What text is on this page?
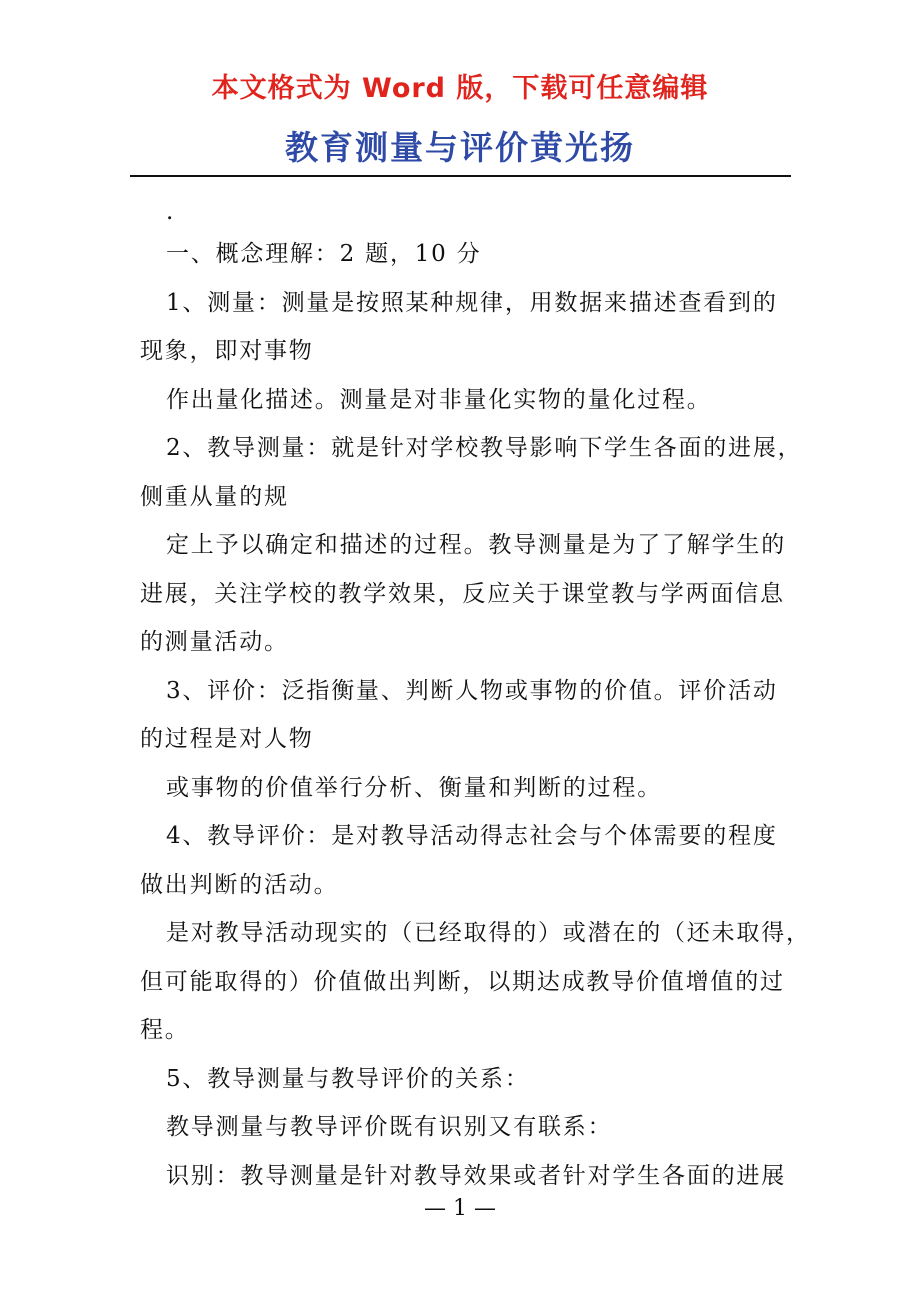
本文格式为 Word 版，下载可任意编辑
教育测量与评价黄光扬
.
一、概念理解：2 题，10 分
1、测量：测量是按照某种规律，用数据来描述查看到的
现象，即对事物
作出量化描述。测量是对非量化实物的量化过程。
2、教导测量：就是针对学校教导影响下学生各面的进展，
侧重从量的规
定上予以确定和描述的过程。教导测量是为了了解学生的
进展，关注学校的教学效果，反应关于课堂教与学两面信息
的测量活动。
3、评价：泛指衡量、判断人物或事物的价值。评价活动
的过程是对人物
或事物的价值举行分析、衡量和判断的过程。
4、教导评价：是对教导活动得志社会与个体需要的程度
做出判断的活动。
是对教导活动现实的（已经取得的）或潜在的（还未取得，
但可能取得的）价值做出判断，以期达成教导价值增值的过
程。
5、教导测量与教导评价的关系：
教导测量与教导评价既有识别又有联系：
识别：教导测量是针对教导效果或者针对学生各面的进展
— 1 —
